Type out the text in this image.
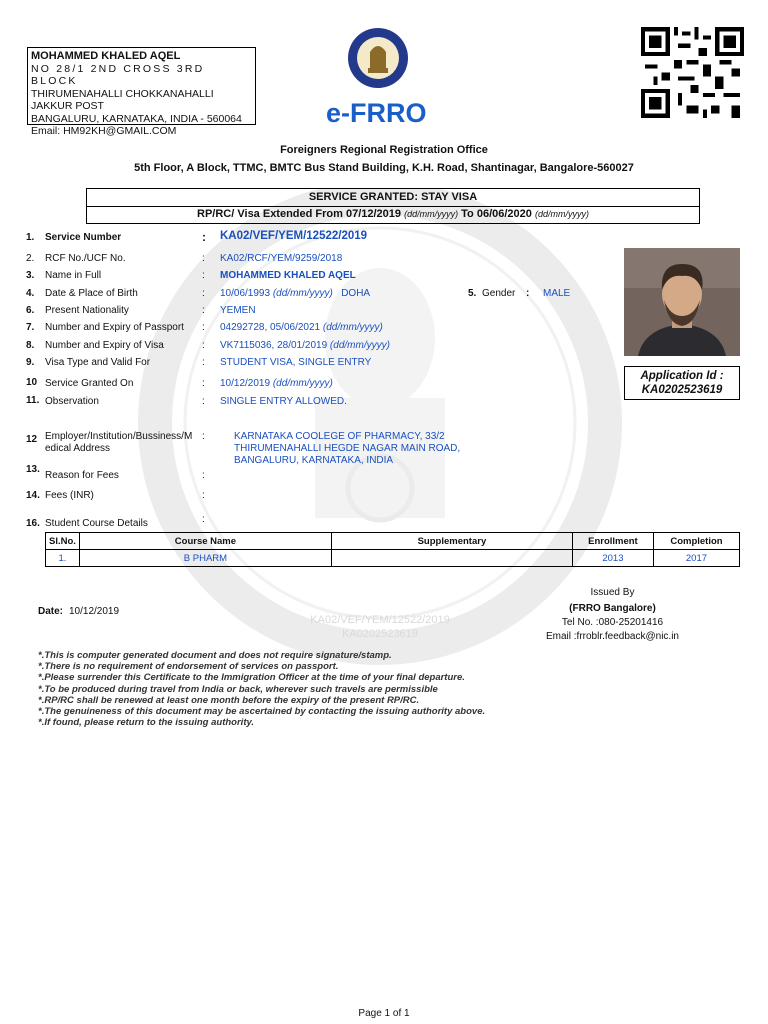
MOHAMMED KHALED AQEL
NO 28/1 2ND CROSS 3RD BLOCK
THIRUMENAHALLI CHOKKANAHALLI JAKKUR POST
BANGALURU, KARNATAKA, INDIA - 560064
Email: HM92KH@GMAIL.COM
e-FRRO
Foreigners Regional Registration Office
5th Floor, A Block, TTMC, BMTC Bus Stand Building, K.H. Road, Shantinagar, Bangalore-560027
SERVICE GRANTED: STAY VISA
RP/RC/ Visa Extended From 07/12/2019 (dd/mm/yyyy) To 06/06/2020 (dd/mm/yyyy)
1. Service Number	: KA02/VEF/YEM/12522/2019
2. RCF No./UCF No.	: KA02/RCF/YEM/9259/2018
3. Name in Full	: MOHAMMED KHALED AQEL
4. Date & Place of Birth	: 10/06/1993 (dd/mm/yyyy) DOHA	5. Gender : MALE
6. Present Nationality	: YEMEN
7. Number and Expiry of Passport : 04292728, 05/06/2021 (dd/mm/yyyy)
8. Number and Expiry of Visa	: VK7115036, 28/01/2019 (dd/mm/yyyy)
9. Visa Type and Valid For	: STUDENT VISA, SINGLE ENTRY
10 Service Granted On	: 10/12/2019 (dd/mm/yyyy)
11. Observation	: SINGLE ENTRY ALLOWED.
Application Id :
KA0202523619
12 Employer/Institution/Bussiness/M
edical Address
:	KARNATAKA COOLEGE OF PHARMACY, 33/2
THIRUMENAHALLI HEGDE NAGAR MAIN ROAD,
BANGALURU, KARNATAKA, INDIA
13.
Reason for Fees	:
14. Fees (INR)	:
16. Student Course Details	:
Sl.No.	Course Name	Supplementary	Enrollment	Completion
1.	B PHARM		2013	2017
Date: 10/12/2019
KA02/VEF/YEM/12522/2019
KA0202523619
Issued By
(FRRO Bangalore)
Tel No. :080-25201416
Email :frroblr.feedback@nic.in
*.This is computer generated document and does not require signature/stamp.
*.There is no requirement of endorsement of services on passport.
*.Please surrender this Certificate to the Immigration Officer at the time of your final departure.
*.To be produced during travel from India or back, wherever such travels are permissible
*.RP/RC shall be renewed at least one month before the expiry of the present RP/RC.
*.The genuineness of this document may be ascertained by contacting the issuing authority above.
*.If found, please return to the issuing authority.
Page 1 of 1
